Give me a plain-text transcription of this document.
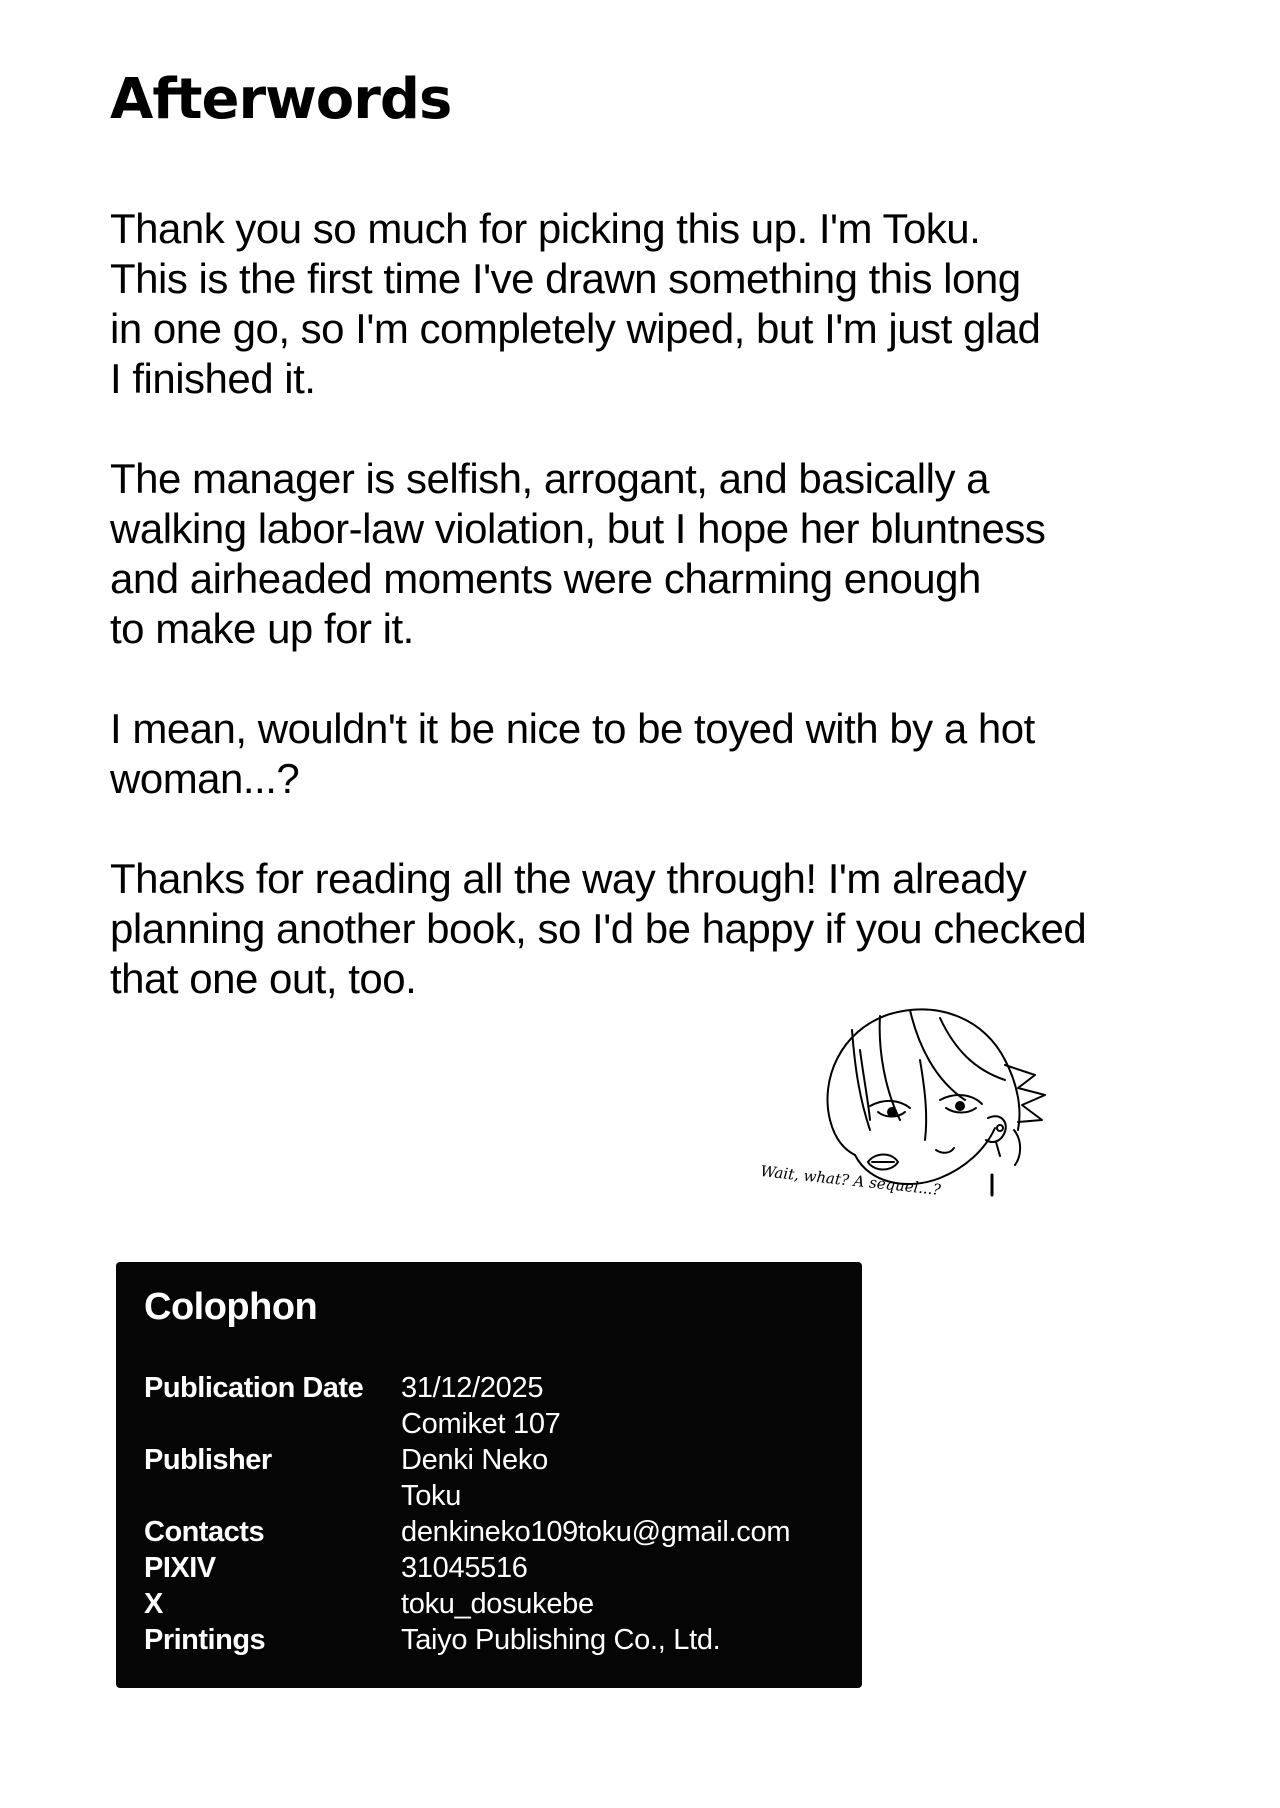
Afterwords

Thank you so much for picking this up. I'm Toku.
This is the first time I've drawn something this long
in one go, so I'm completely wiped, but I'm just glad
I finished it.

The manager is selfish, arrogant, and basically a
walking labor-law violation, but I hope her bluntness
and airheaded moments were charming enough
to make up for it.

I mean, wouldn't it be nice to be toyed with by a hot
woman...?

Thanks for reading all the way through! I'm already
planning another book, so I'd be happy if you checked
that one out, too.

Wait, what? A sequel...?
Colophon
Publication Date	31/12/2025
Comiket 107
Publisher	Denki Neko
Toku
Contacts	denkineko109toku@gmail.com
PIXIV	31045516
X	toku_dosukebe
Printings	Taiyo Publishing Co., Ltd.
